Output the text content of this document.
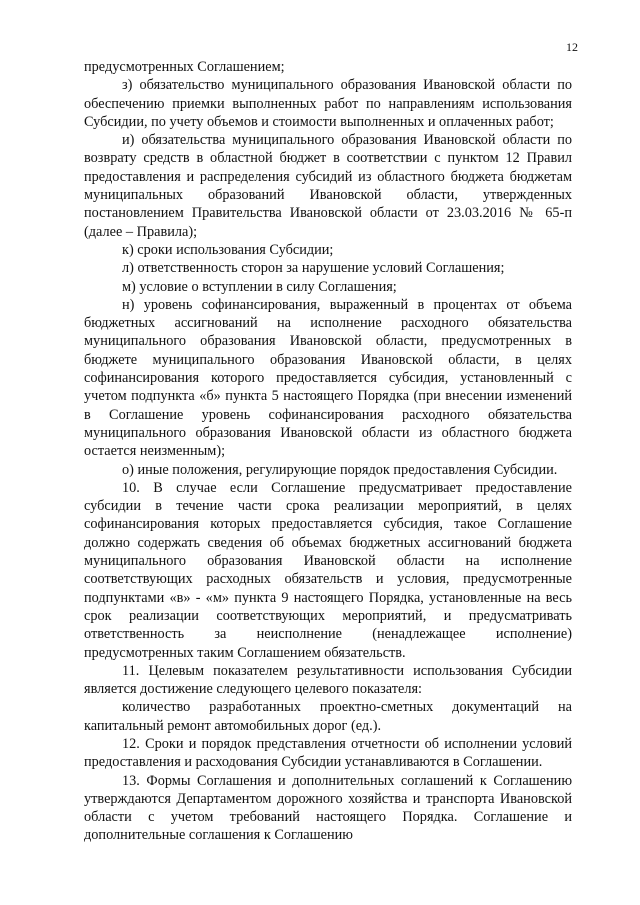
12

предусмотренных Соглашением;

з) обязательство муниципального образования Ивановской области по обеспечению приемки выполненных работ по направлениям использования Субсидии, по учету объемов и стоимости выполненных и оплаченных работ;

и) обязательства муниципального образования Ивановской области по возврату средств в областной бюджет в соответствии с пунктом 12 Правил предоставления и распределения субсидий из областного бюджета бюджетам муниципальных образований Ивановской области, утвержденных постановлением Правительства Ивановской области от 23.03.2016 № 65-п (далее – Правила);

к) сроки использования Субсидии;

л) ответственность сторон за нарушение условий Соглашения;

м) условие о вступлении в силу Соглашения;

н) уровень софинансирования, выраженный в процентах от объема бюджетных ассигнований на исполнение расходного обязательства муниципального образования Ивановской области, предусмотренных в бюджете муниципального образования Ивановской области, в целях софинансирования которого предоставляется субсидия, установленный с учетом подпункта «б» пункта 5 настоящего Порядка (при внесении изменений в Соглашение уровень софинансирования расходного обязательства муниципального образования Ивановской области из областного бюджета остается неизменным);

о) иные положения, регулирующие порядок предоставления Субсидии.

10. В случае если Соглашение предусматривает предоставление субсидии в течение части срока реализации мероприятий, в целях софинансирования которых предоставляется субсидия, такое Соглашение должно содержать сведения об объемах бюджетных ассигнований бюджета муниципального образования Ивановской области на исполнение соответствующих расходных обязательств и условия, предусмотренные подпунктами «в» - «м» пункта 9 настоящего Порядка, установленные на весь срок реализации соответствующих мероприятий, и предусматривать ответственность за неисполнение (ненадлежащее исполнение) предусмотренных таким Соглашением обязательств.

11. Целевым показателем результативности использования Субсидии является достижение следующего целевого показателя:

количество разработанных проектно-сметных документаций на капитальный ремонт автомобильных дорог (ед.).

12. Сроки и порядок представления отчетности об исполнении условий предоставления и расходования Субсидии устанавливаются в Соглашении.

13. Формы Соглашения и дополнительных соглашений к Соглашению утверждаются Департаментом дорожного хозяйства и транспорта Ивановской области с учетом требований настоящего Порядка. Соглашение и дополнительные соглашения к Соглашению
